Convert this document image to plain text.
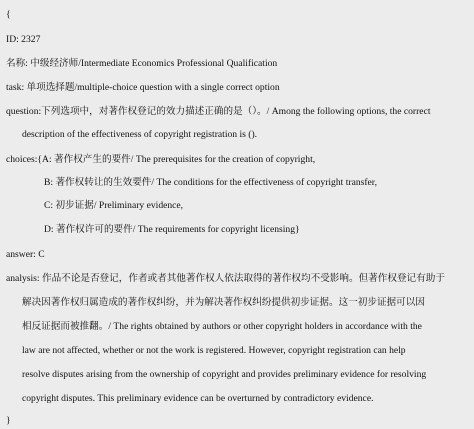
{
ID: 2327
名称: 中级经济师/Intermediate Economics Professional Qualification
task: 单项选择题/multiple-choice question with a single correct option
question:下列选项中，对著作权登记的效力描述正确的是（）。/ Among the following options, the correct
description of the effectiveness of copyright registration is ().
choices:{A: 著作权产生的要件/ The prerequisites for the creation of copyright,
B: 著作权转让的生效要件/ The conditions for the effectiveness of copyright transfer,
C: 初步证据/ Preliminary evidence,
D: 著作权许可的要件/ The requirements for copyright licensing}
answer: C
analysis: 作品不论是否登记，作者或者其他著作权人依法取得的著作权均不受影响。但著作权登记有助于
解决因著作权归属造成的著作权纠纷，并为解决著作权纠纷提供初步证据。这一初步证据可以因
相反证据而被推翻。/ The rights obtained by authors or other copyright holders in accordance with the
law are not affected, whether or not the work is registered. However, copyright registration can help
resolve disputes arising from the ownership of copyright and provides preliminary evidence for resolving
copyright disputes. This preliminary evidence can be overturned by contradictory evidence.
}
